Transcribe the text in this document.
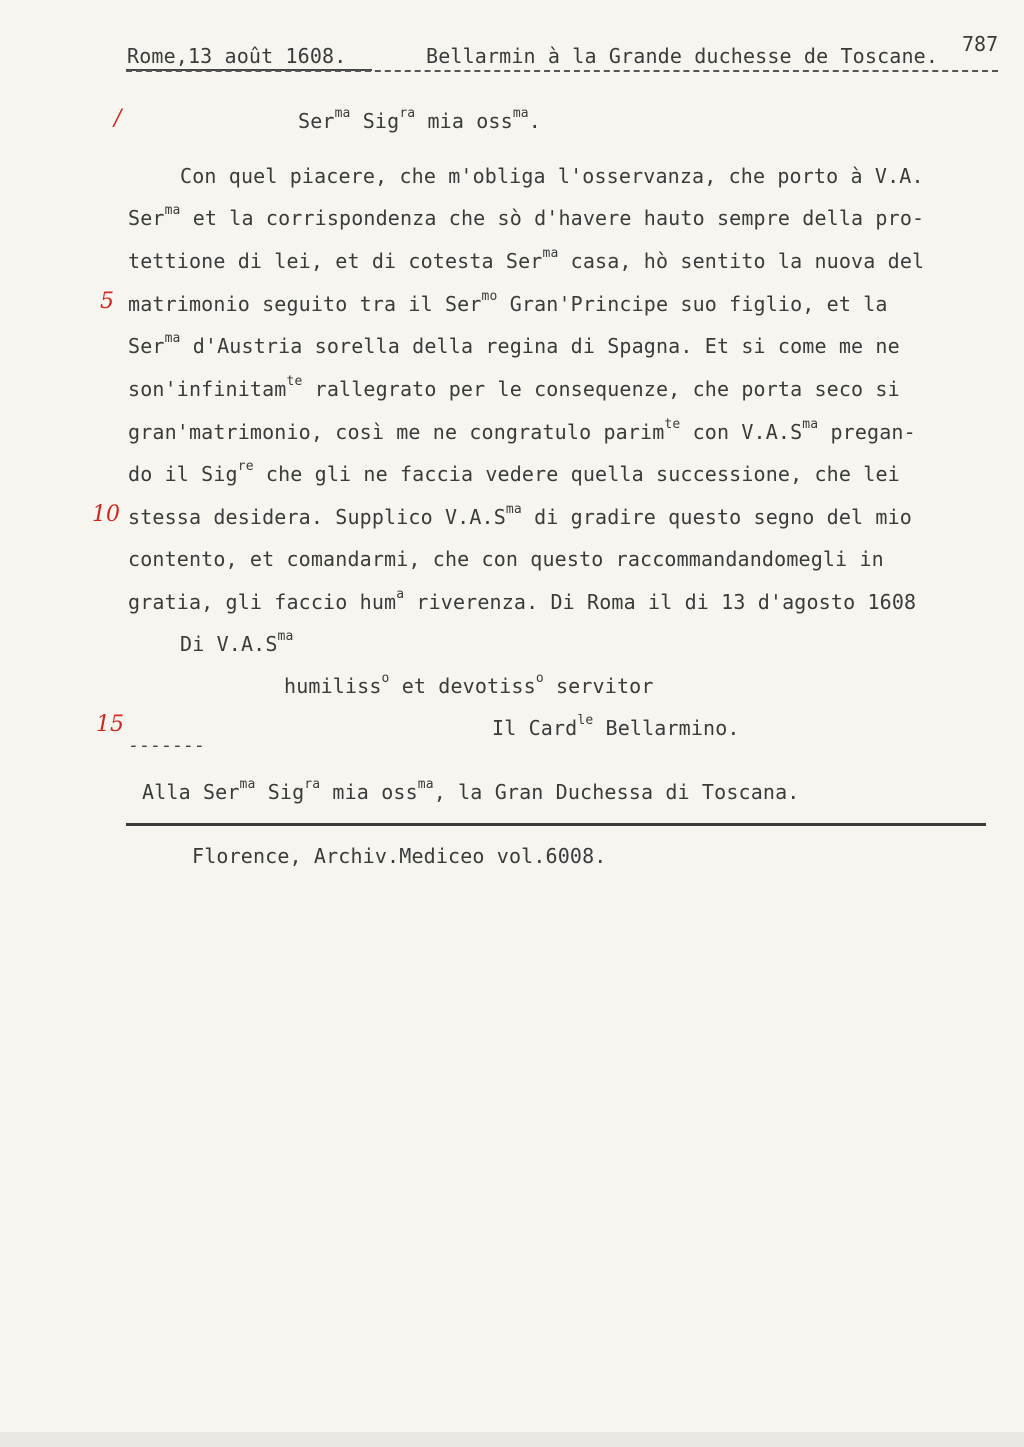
Rome,13 août 1608.	Bellarmin à la Grande duchesse de Toscane. 787
/
5
10
15
Ser$^{ma}$ Sig$^{ra}$ mia oss$^{ma}$.
Con quel piacere, che m'obliga l'osservanza, che porto à V.A.
Ser$^{ma}$ et la corrispondenza che sò d'havere hauto sempre della pro-
tettione di lei, et di cotesta Ser$^{ma}$ casa, hò sentito la nuova del
matrimonio seguito tra il Ser$^{mo}$ Gran'Principe suo figlio, et la
Ser$^{ma}$ d'Austria sorella della regina di Spagna. Et si come me ne
son'infinitam$^{te}$ rallegrato per le consequenze, che porta seco si
gran'matrimonio, così me ne congratulo parim$^{te}$ con $V.A.S^{ma}$ pregan-
do il Sig$^{re}$ che gli ne faccia vedere quella successione, che lei
stessa desidera. Supplico $V.A.S^{ma}$ di gradire questo segno del mio
contento, et comandarmi, che con questo raccommandandomegli in
gratia, gli faccio hum$^a$ riverenza. Di Roma il di 13 d'agosto 1608
Di $V.A.S^{ma}$
humiliss$^o$ et devotiss$^o$ servitor
Il Card$^{le}$ Bellarmino.
-------
Alla Ser$^{ma}$ Sig$^{ra}$ mia oss$^{ma}$, la Gran Duchessa di Toscana.
Florence, Archiv.Mediceo vol.6008.
